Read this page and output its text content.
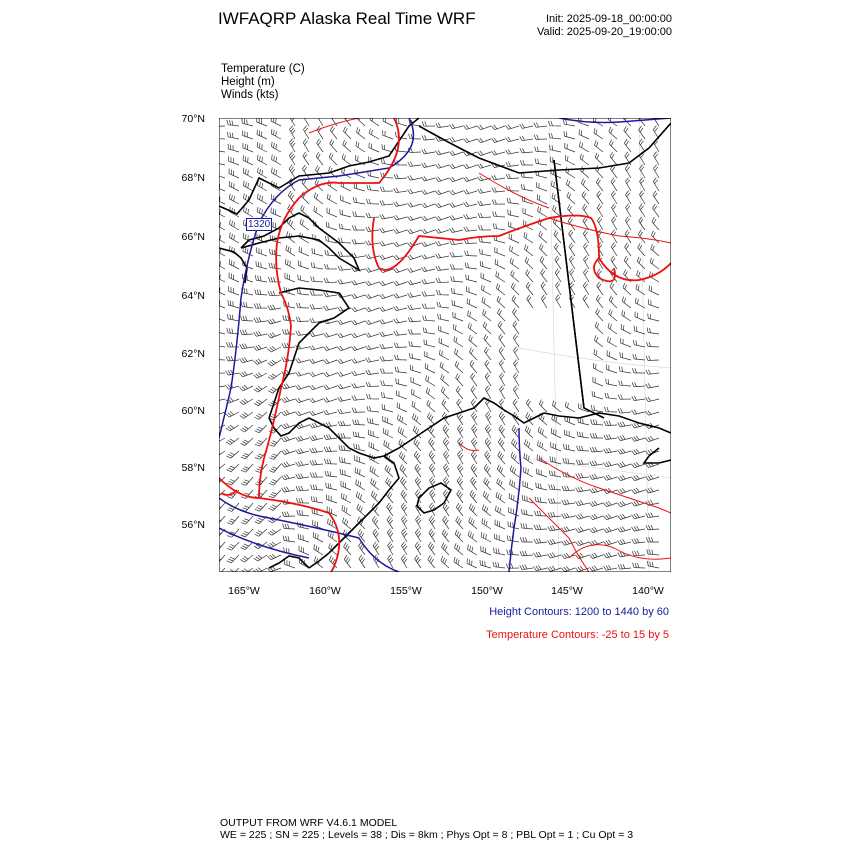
IWFAQRP Alaska Real Time WRF	Init: 2025-09-18_00:00:00
Valid: 2025-09-20_19:00:00
Temperature (C)
Height (m)
Winds (kts)
70°N
68°N
66°N
64°N
62°N
60°N
58°N
56°N
165°W	160°W	155°W	150°W	145°W	140°W
1320
Height Contours: 1200 to 1440 by 60
Temperature Contours: -25 to 15 by 5
OUTPUT FROM WRF V4.6.1 MODEL
WE = 225 ; SN = 225 ; Levels = 38 ; Dis = 8km ; Phys Opt = 8 ; PBL Opt = 1 ; Cu Opt = 3
